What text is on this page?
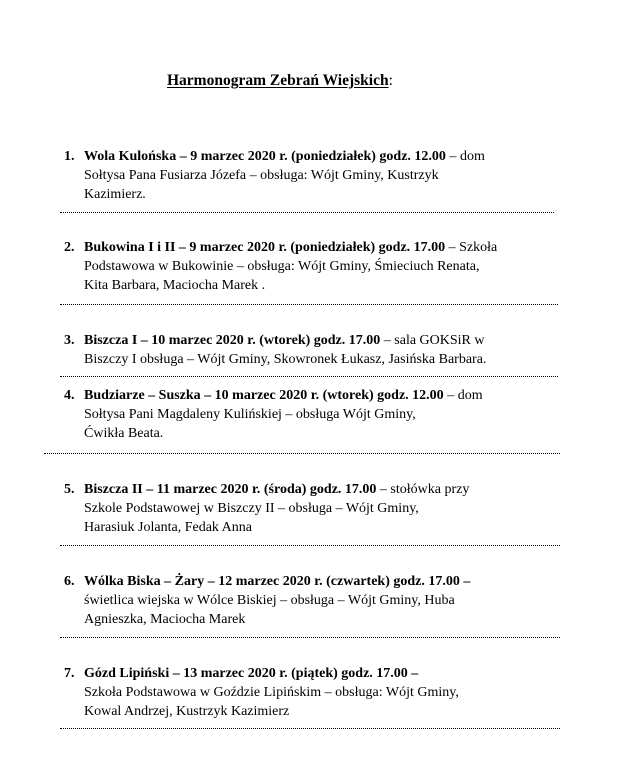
Harmonogram Zebrań Wiejskich:
1. Wola Kulońska – 9 marzec 2020 r. (poniedziałek) godz. 12.00 – dom
Sołtysa Pana Fusiarza Józefa – obsługa: Wójt Gminy, Kustrzyk
Kazimierz.
2. Bukowina I i II – 9 marzec 2020 r. (poniedziałek) godz. 17.00 – Szkoła
Podstawowa w Bukowinie – obsługa: Wójt Gminy, Śmieciuch Renata,
Kita Barbara, Maciocha Marek .
3. Biszcza I – 10 marzec 2020 r. (wtorek) godz. 17.00 – sala GOKSiR w
Biszczy I obsługa – Wójt Gminy, Skowronek Łukasz, Jasińska Barbara.
4. Budziarze – Suszka – 10 marzec 2020 r. (wtorek) godz. 12.00 – dom
Sołtysa Pani Magdaleny Kulińskiej – obsługa Wójt Gminy,
Ćwikła Beata.
5. Biszcza II – 11 marzec 2020 r. (środa) godz. 17.00 – stołówka przy
Szkole Podstawowej w Biszczy II – obsługa – Wójt Gminy,
Harasiuk Jolanta, Fedak Anna
6. Wólka Biska – Żary – 12 marzec 2020 r. (czwartek) godz. 17.00 –
świetlica wiejska w Wólce Biskiej – obsługa – Wójt Gminy, Huba
Agnieszka, Maciocha Marek
7. Gózd Lipiński – 13 marzec 2020 r. (piątek) godz. 17.00 –
Szkoła Podstawowa w Goździe Lipińskim – obsługa: Wójt Gminy,
Kowal Andrzej, Kustrzyk Kazimierz
